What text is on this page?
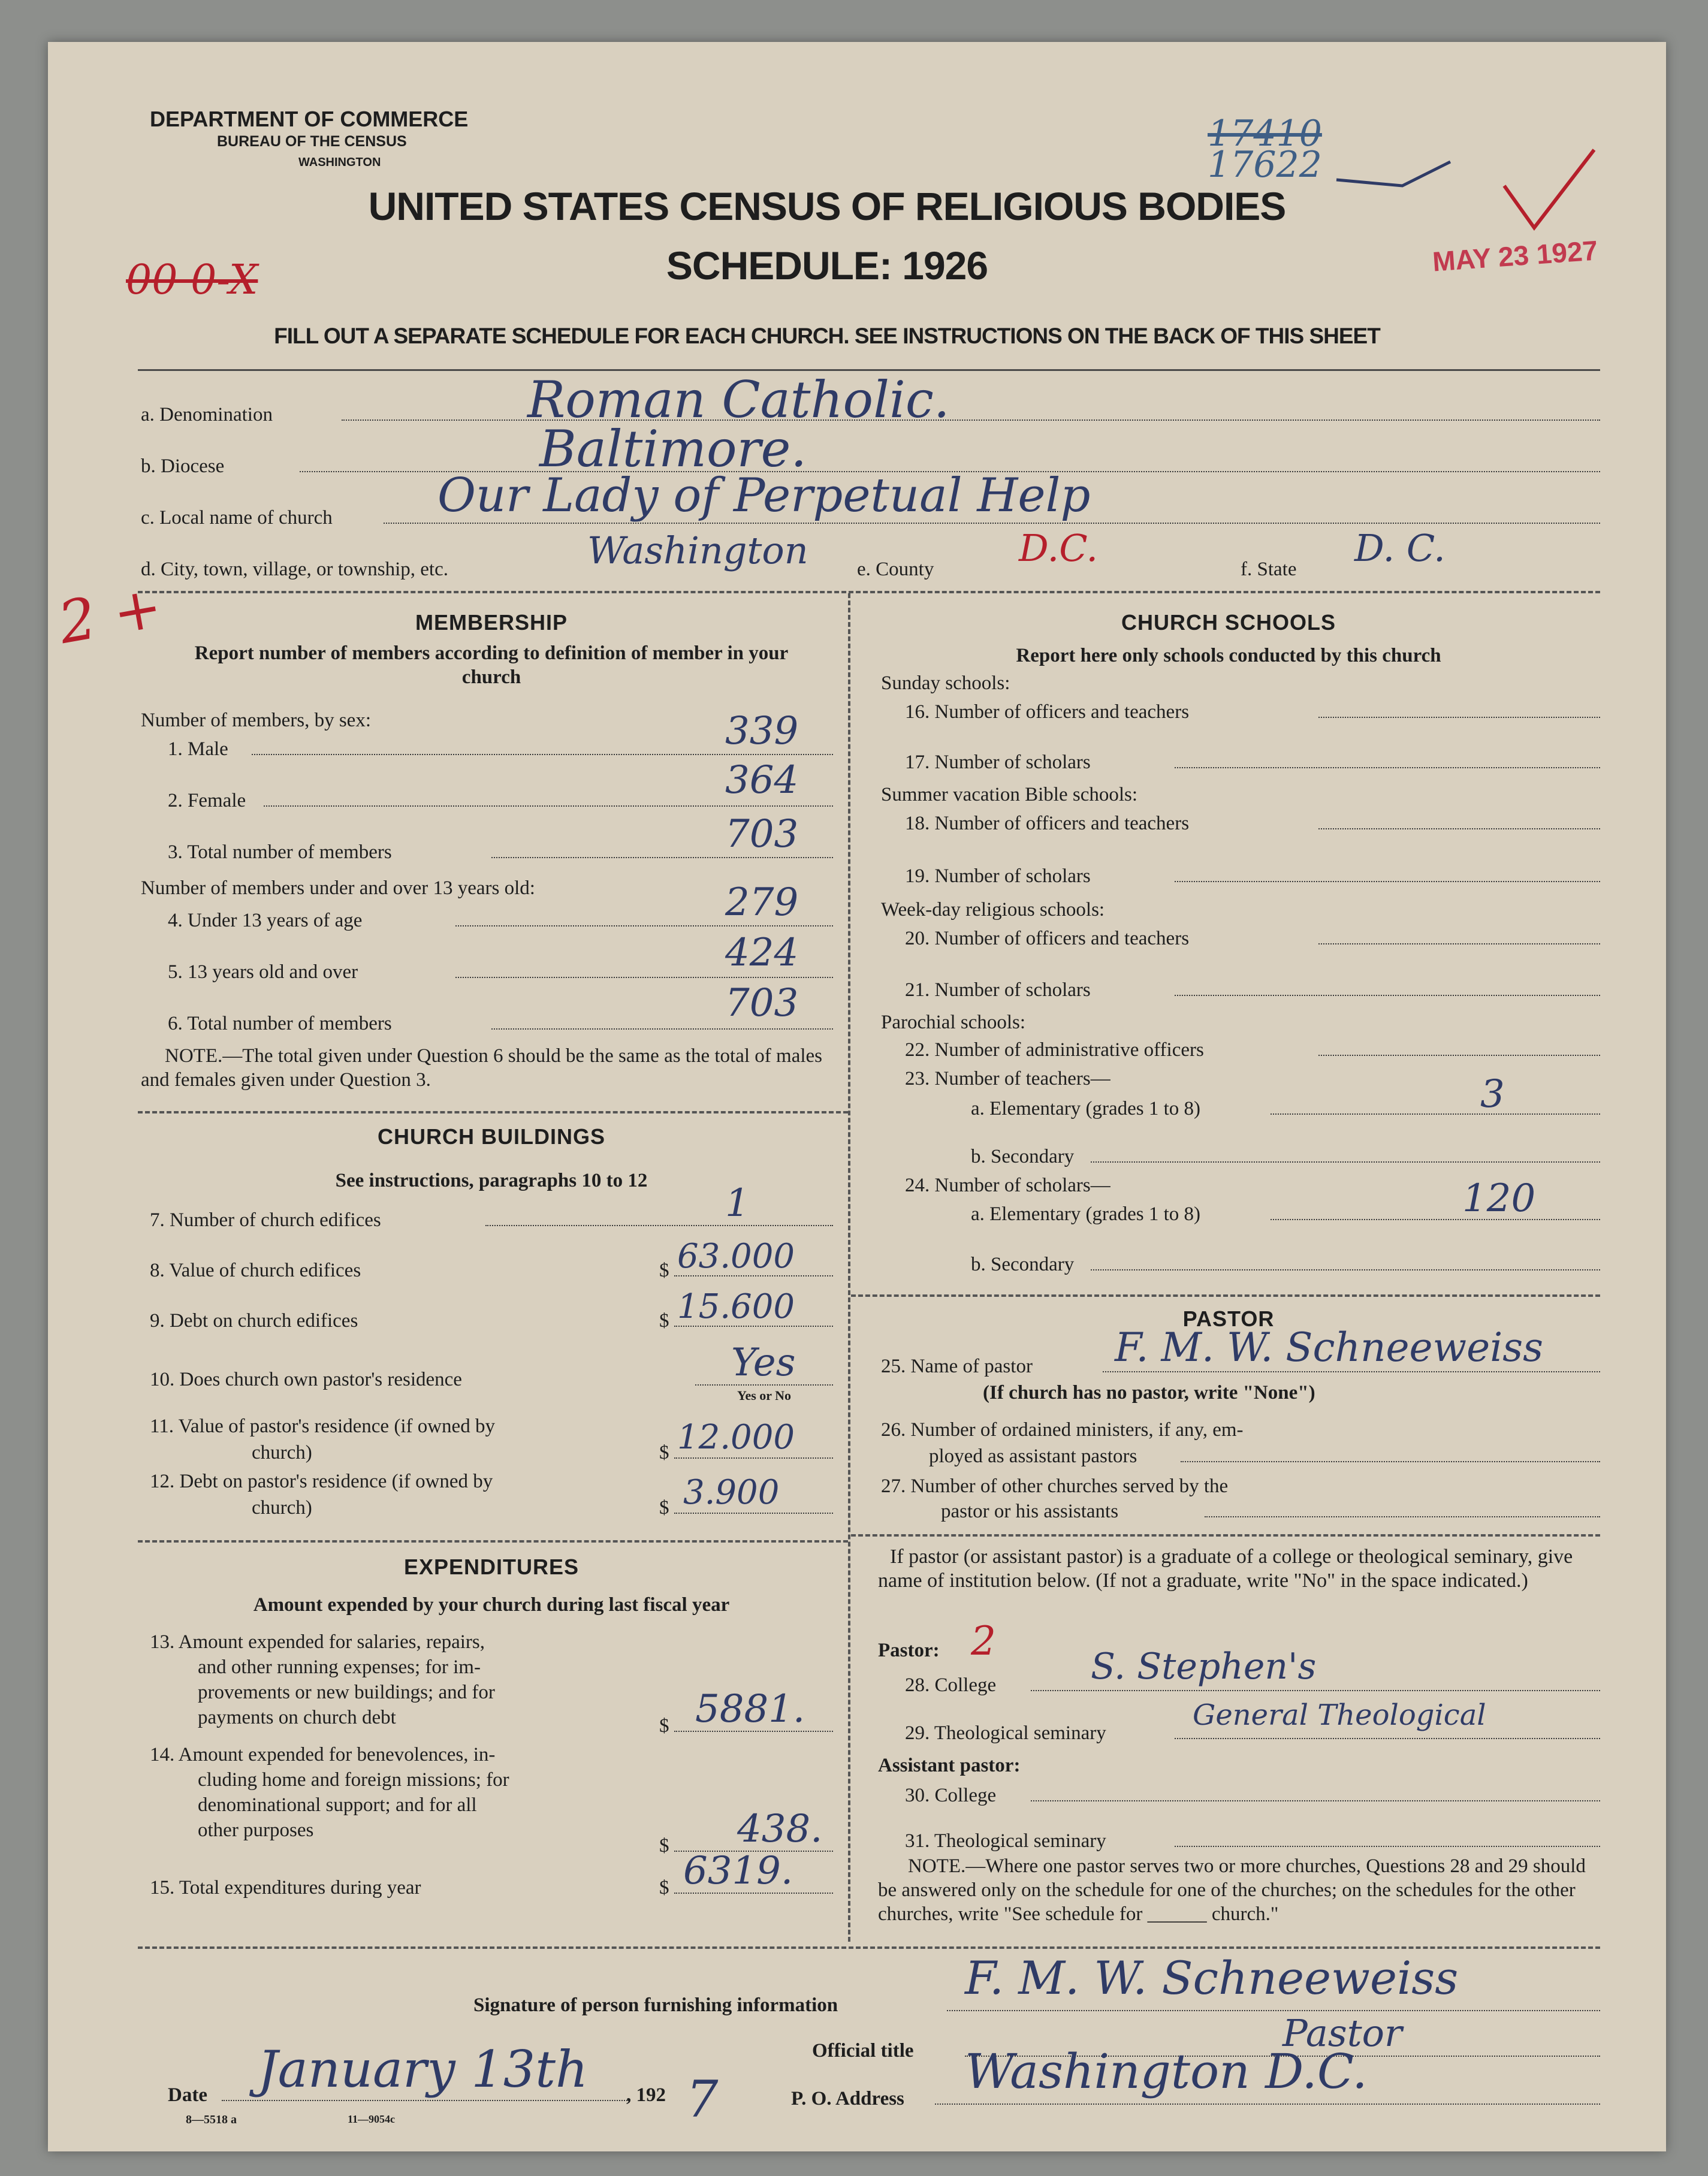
DEPARTMENT OF COMMERCE
BUREAU OF THE CENSUS
WASHINGTON
UNITED STATES CENSUS OF RELIGIOUS BODIES
SCHEDULE: 1926
FILL OUT A SEPARATE SCHEDULE FOR EACH CHURCH. SEE INSTRUCTIONS ON THE BACK OF THIS SHEET
00 0-X
17410
17622
MAY 23 1927
a. Denomination	Roman Catholic.
b. Diocese	Baltimore.
c. Local name of church Our Lady of Perpetual Help
d. City, town, village, or township, etc.	Washington e. County D.C.	f. State D. C.
2 +	MEMBERSHIP
Report number of members according to definition of member in your church
Number of members, by sex:
1. Male	339
2. Female	364
3. Total number of members	703
Number of members under and over 13 years old:
4. Under 13 years of age	279
5. 13 years old and over	424
6. Total number of members	703
NOTE.—The total given under Question 6 should be the same as the total of males and females given under Question 3.
CHURCH BUILDINGS
See instructions, paragraphs 10 to 12
7. Number of church edifices	1
8. Value of church edifices	$ 63.000
9. Debt on church edifices	$ 15.600
10. Does church own pastor's residence	Yes
Yes or No
11. Value of pastor's residence (if owned by
church)	$ 12.000
12. Debt on pastor's residence (if owned by
church)	$ 3.900
EXPENDITURES
Amount expended by your church during last fiscal year
13. Amount expended for salaries, repairs,
and other running expenses; for im-
provements or new buildings; and for
payments on church debt	$ 5881.
14. Amount expended for benevolences, in-
cluding home and foreign missions; for
denominational support; and for all
other purposes
$ 438.
15. Total expenditures during year	$ 6319.
CHURCH SCHOOLS
Report here only schools conducted by this church
Sunday schools:
16. Number of officers and teachers
17. Number of scholars
Summer vacation Bible schools:
18. Number of officers and teachers
19. Number of scholars
Week-day religious schools:
20. Number of officers and teachers
21. Number of scholars
Parochial schools:
22. Number of administrative officers
23. Number of teachers—
a. Elementary (grades 1 to 8)	3
b. Secondary
24. Number of scholars—
a. Elementary (grades 1 to 8)	120
b. Secondary
PASTOR
25. Name of pastor F. M. W. Schneeweiss
(If church has no pastor, write "None")
26. Number of ordained ministers, if any, em-
ployed as assistant pastors
27. Number of other churches served by the
pastor or his assistants
If pastor (or assistant pastor) is a graduate of a college or theological seminary, give name of institution below. (If not a graduate, write "No" in the space indicated.)
Pastor: 2
28. College	S. Stephen's
29. Theological seminary
General Theological
Assistant pastor:
30. College
31. Theological seminary
NOTE.—Where one pastor serves two or more churches, Questions 28 and 29 should be answered only on the schedule for one of the churches; on the schedules for the other churches, write "See schedule for ______ church."
Signature of person furnishing information
F. M. W. Schneeweiss
Official title	Pastor
Date January 13th , 192 7	P. O. Address Washington D.C.
8—5518 a	11—9054c
